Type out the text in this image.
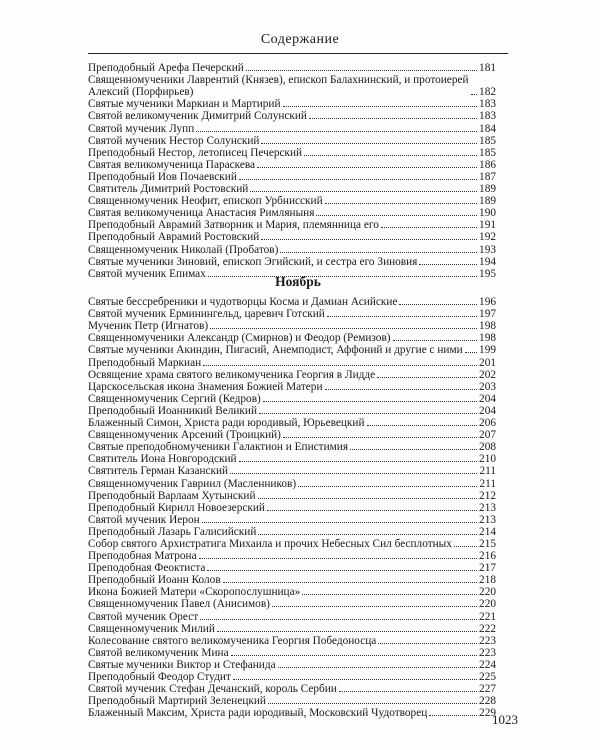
Содержание
Преподобный Арефа Печерский	181
Священномученики Лаврентий (Князев), епископ Балахнинский, и протоиерей Алексий (Порфирьев)	182
Святые мученики Маркиан и Мартирий	183
Святой великомученик Димитрий Солунский	183
Святой мученик Лупп	184
Святой мученик Нестор Солунский	185
Преподобный Нестор, летописец Печерский	185
Святая великомученица Параскева	186
Преподобный Иов Почаевский	187
Святитель Димитрий Ростовский	189
Священномученик Неофит, епископ Урбнисский	189
Святая великомученица Анастасия Римляныня	190
Преподобный Аврамий Затворник и Мария, племянница его	191
Преподобный Аврамий Ростовский	192
Священномученик Николай (Пробатов)	193
Святые мученики Зиновий, епископ Эгийский, и сестра его Зиновия	194
Святой мученик Епимах	195
Ноябрь
Святые бессребреники и чудотворцы Косма и Дамиан Асийские	196
Святой мученик Ерминингельд, царевич Готский	197
Мученик Петр (Игнатов)	198
Священномученики Александр (Смирнов) и Феодор (Ремизов)	198
Святые мученики Акиндин, Пигасий, Анемподист, Аффоний и другие с ними 199
Преподобный Маркиан	201
Освящение храма святого великомученика Георгия в Лидде	202
Царскосельская икона Знамения Божией Матери	203
Священномученик Сергий (Кедров)	204
Преподобный Иоанникий Великий	204
Блаженный Симон, Христа ради юродивый, Юрьевецкий	206
Священномученик Арсений (Троицкий)	207
Святые преподобномученики Галактион и Епистимия	208
Святитель Иона Новгородский	210
Святитель Герман Казанский	211
Священномученик Гавриил (Масленников)	211
Преподобный Варлаам Хутынский	212
Преподобный Кирилл Новоезерский	213
Святой мученик Иерон	213
Преподобный Лазарь Галисийский	214
Собор святого Архистратига Михаила и прочих Небесных Сил бесплотных 215
Преподобная Матрона	216
Преподобная Феоктиста	217
Преподобный Иоанн Колов	218
Икона Божией Матери «Скоропослушница»	220
Священномученик Павел (Анисимов)	220
Святой мученик Орест	221
Священномученик Милий	222
Колесование святого великомученика Георгия Победоносца	223
Святой великомученик Мина	223
Святые мученики Виктор и Стефанида	224
Преподобный Феодор Студит	225
Святой мученик Стефан Дечанский, король Сербии	227
Преподобный Мартирий Зеленецкий	228
Блаженный Максим, Христа ради юродивый, Московский Чудотворец	229
1023
